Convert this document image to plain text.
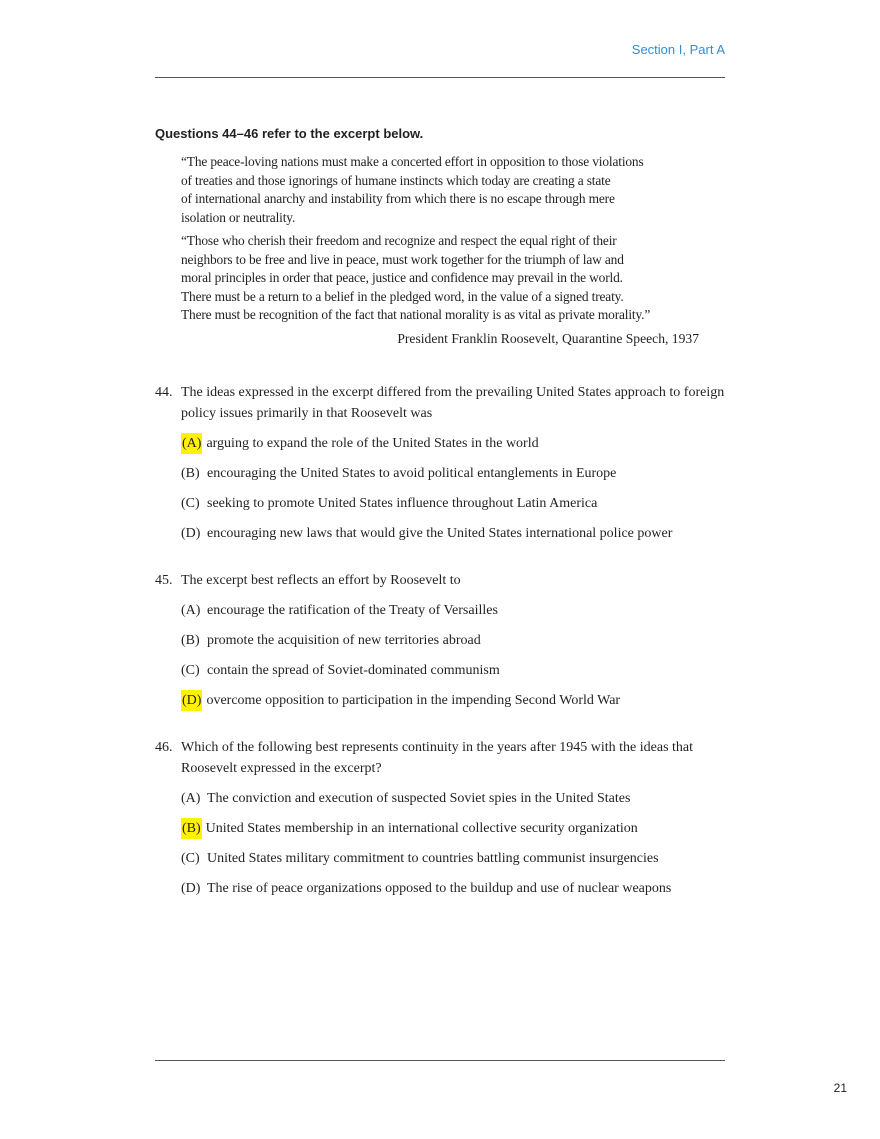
Section I, Part A
Questions 44–46 refer to the excerpt below.

“The peace-loving nations must make a concerted effort in opposition to those violations
of treaties and those ignorings of humane instincts which today are creating a state
of international anarchy and instability from which there is no escape through mere
isolation or neutrality.

“Those who cherish their freedom and recognize and respect the equal right of their
neighbors to be free and live in peace, must work together for the triumph of law and
moral principles in order that peace, justice and confidence may prevail in the world.
There must be a return to a belief in the pledged word, in the value of a signed treaty.
There must be recognition of the fact that national morality is as vital as private morality.”

President Franklin Roosevelt, Quarantine Speech, 1937
44. The ideas expressed in the excerpt differed from the prevailing United States approach to foreign policy issues primarily in that Roosevelt was
(A) arguing to expand the role of the United States in the world
(B) encouraging the United States to avoid political entanglements in Europe
(C) seeking to promote United States influence throughout Latin America
(D) encouraging new laws that would give the United States international police power
45. The excerpt best reflects an effort by Roosevelt to
(A) encourage the ratification of the Treaty of Versailles
(B) promote the acquisition of new territories abroad
(C) contain the spread of Soviet-dominated communism
(D) overcome opposition to participation in the impending Second World War
46. Which of the following best represents continuity in the years after 1945 with the ideas that Roosevelt expressed in the excerpt?
(A) The conviction and execution of suspected Soviet spies in the United States
(B) United States membership in an international collective security organization
(C) United States military commitment to countries battling communist insurgencies
(D) The rise of peace organizations opposed to the buildup and use of nuclear weapons
21
